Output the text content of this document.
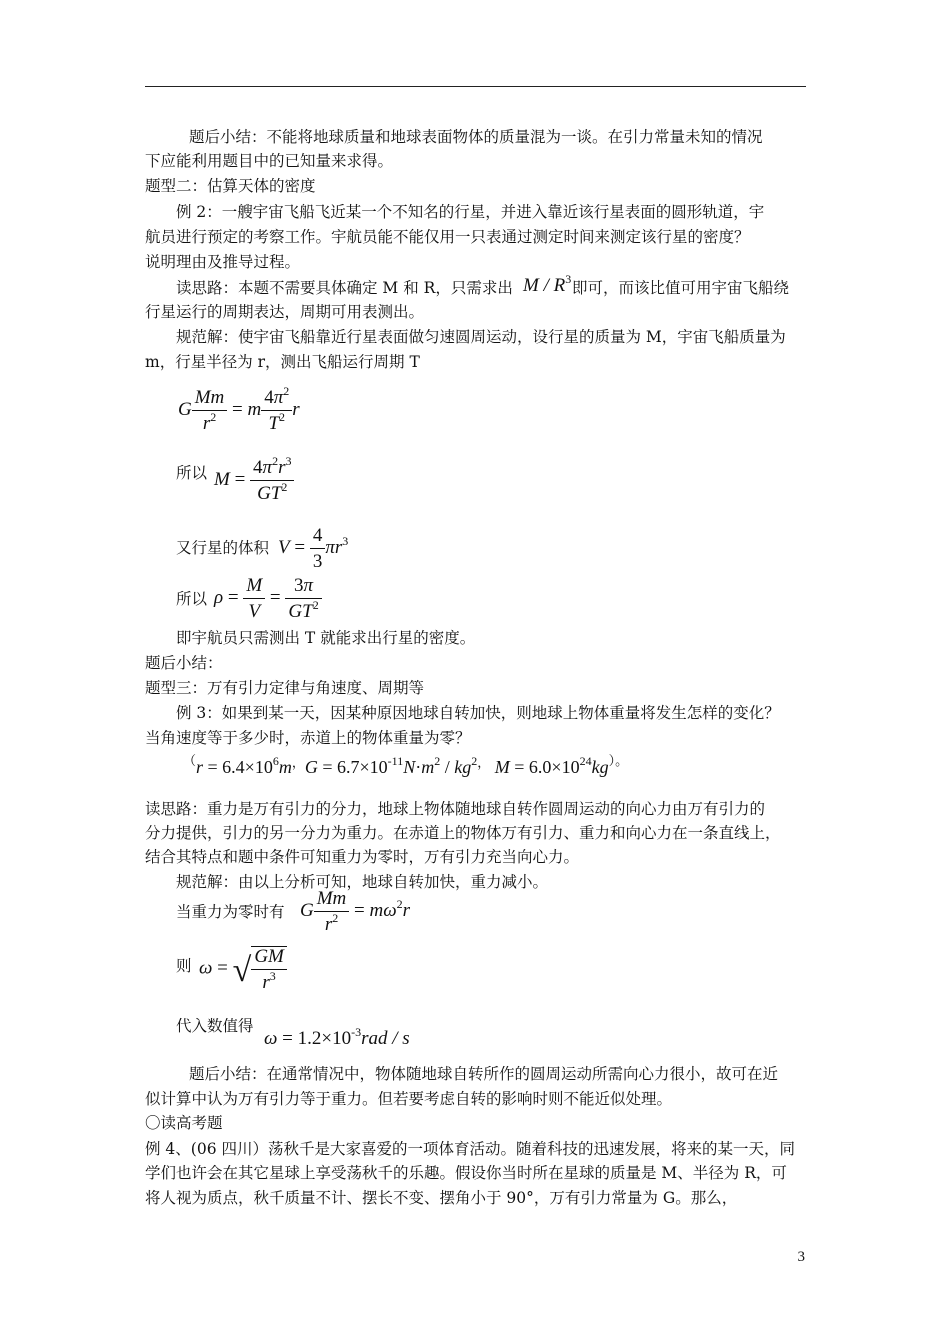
题后小结：不能将地球质量和地球表面物体的质量混为一谈。在引力常量未知的情况
下应能利用题目中的已知量来求得。
题型二：估算天体的密度
例 2：一艘宇宙飞船飞近某一个不知名的行星，并进入靠近该行星表面的圆形轨道，宇
航员进行预定的考察工作。宇航员能不能仅用一只表通过测定时间来测定该行星的密度？
说明理由及推导过程。
读思路：本题不需要具体确定 M 和 R，只需求出 M / $R^3$ 即可，而该比值可用宇宙飞船绕
行星运行的周期表达，周期可用表测出。
规范解：使宇宙飞船靠近行星表面做匀速圆周运动，设行星的质量为 M，宇宙飞船质量为
m，行星半径为 r，测出飞船运行周期 T
G $\frac{Mm}{r^2} = m \frac{4\pi^2}{T^2}$ r
所以 $M = \frac{4\pi^2r^3}{GT^2}$
又行星的体积 $V = \frac{4}{3} \pi r^3$
所以 $\rho = \frac{M}{V} = \frac{3\pi}{GT^2}$
即宇航员只需测出 T 就能求出行星的密度。
题后小结：
题型三：万有引力定律与角速度、周期等
例 3：如果到某一天，因某种原因地球自转加快，则地球上物体重量将发生怎样的变化？
当角速度等于多少时，赤道上的物体重量为零？
$^(r = 6.4\times 10^6m^,G = 6.7\times 10^{-11}N\cdot m^2 / kg^{2,}$ $M = 6.0\times 10^{24}kg^{)。}$
读思路：重力是万有引力的分力，地球上物体随地球自转作圆周运动的向心力由万有引力的
分力提供，引力的另一分力为重力。在赤道上的物体万有引力、重力和向心力在一条直线上，
结合其特点和题中条件可知重力为零时，万有引力充当向心力。
规范解：由以上分析可知，地球自转加快，重力减小。
当重力为零时有 G $\frac{Mm}{r^2} = m\omega^2r$
则 ω = √ $\frac{GM}{r^3}$
代入数值得
$\omega = 1.2\times 10^{-3}rad / s$
题后小结：在通常情况中，物体随地球自转所作的圆周运动所需向心力很小，故可在近
似计算中认为万有引力等于重力。但若要考虑自转的影响时则不能近似处理。
〇读高考题
例 4、(06 四川）荡秋千是大家喜爱的一项体育活动。随着科技的迅速发展，将来的某一天，同
学们也许会在其它星球上享受荡秋千的乐趣。假设你当时所在星球的质量是 M、半径为 R，可
将人视为质点，秋千质量不计、摆长不变、摆角小于 90°，万有引力常量为 G。那么，
3
